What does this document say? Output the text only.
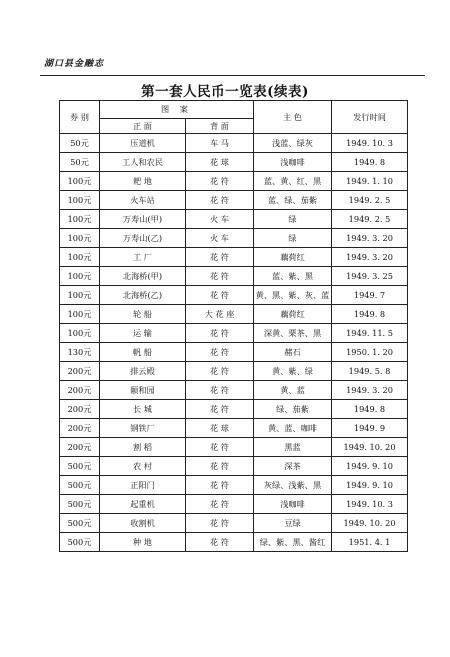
湖口县金融志
第一套人民币一览表(续表)
券 别	图 案		主 色	发行时间
	正 面	背 面		
50元	压道机	车 马	浅蓝、绿灰	1949. 10. 3
50元	工人和农民	花 球	浅咖啡	1949. 8
100元	耙 地	花 符	蓝、黄、红、黑	1949. 1. 10
100元	火车站	花 符	蓝、绿、茄紫	1949. 2. 5
100元	万寿山(甲)	火 车	绿	1949. 2. 5
100元	万寿山(乙)	火 车	绿	1949. 3. 20
100元	工 厂	花 符	藕荷红	1949. 3. 20
100元	北海桥(甲)	花 符	蓝、紫、黑	1949. 3. 25
100元	北海桥(乙)	花 符	黄、黑、紫、灰、蓝	1949. 7
100元	轮 船	大 花 座	藕荷红	1949. 8
100元	运 输	花 符	深黄、栗茶、黑	1949. 11. 5
130元	帆 船	花 符	赭石	1950. 1. 20
200元	排云殿	花 符	黄、紫、绿	1949. 5. 8
200元	颐和园	花 符	黄、蓝	1949. 3. 20
200元	长 城	花 符	绿、茄紫	1949. 8
200元	钢铁厂	花 球	黄、蓝、咖啡	1949. 9
200元	割 稻	花 符	黑蓝	1949. 10. 20
500元	农 村	花 符	深茶	1949. 9. 10
500元	正阳门	花 符	灰绿、浅紫、黑	1949. 9. 10
500元	起重机	花 符	浅咖啡	1949. 10. 3
500元	收割机	花 符	豆绿	1949. 10. 20
500元	种 地	花 符	绿、紫、黑、酱红	1951. 4. 1
